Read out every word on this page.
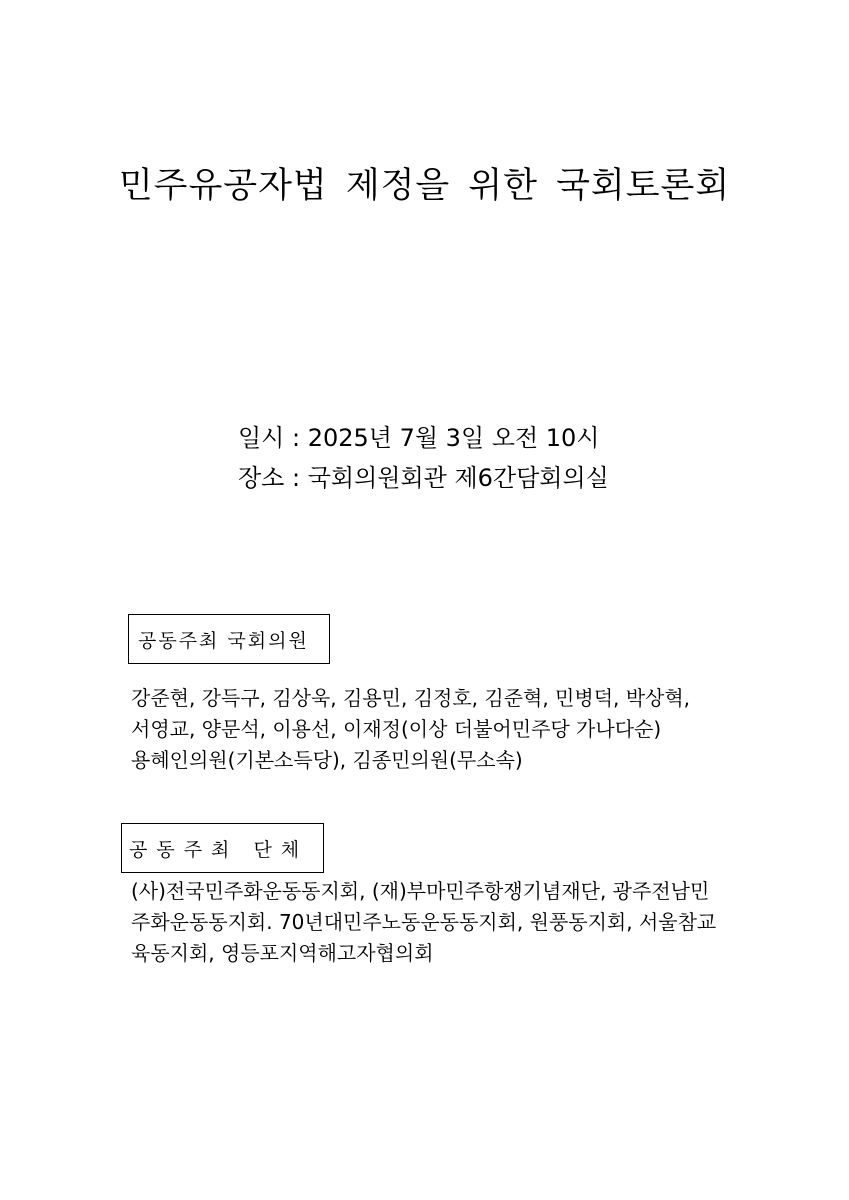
민주유공자법 제정을 위한 국회토론회
일시 : 2025년 7월 3일 오전 10시
장소 : 국회의원회관 제6간담회의실
공동주최 국회의원
강준현, 강득구, 김상욱, 김용민, 김정호, 김준혁, 민병덕, 박상혁,
서영교, 양문석, 이용선, 이재정(이상 더불어민주당 가나다순)
용혜인의원(기본소득당), 김종민의원(무소속)
공동주최 단체
(사)전국민주화운동동지회, (재)부마민주항쟁기념재단, 광주전남민
주화운동동지회. 70년대민주노동운동동지회, 원풍동지회, 서울참교
육동지회, 영등포지역해고자협의회
